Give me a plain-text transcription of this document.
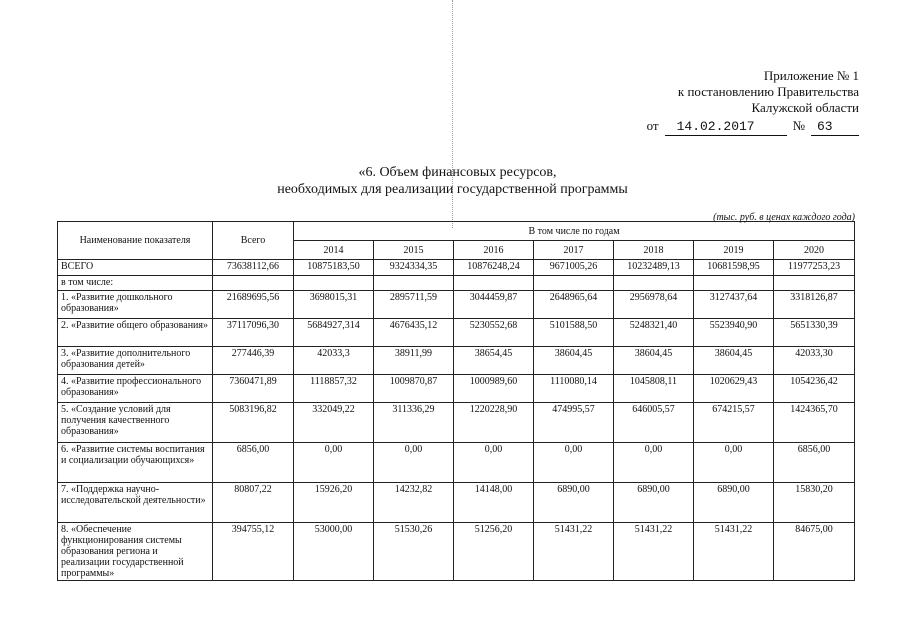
Приложение № 1
к постановлению Правительства
Калужской области
от	14.02.2017	№ 63
«6. Объем финансовых ресурсов,
необходимых для реализации государственной программы
(тыс. руб. в ценах каждого года)
Наименование показателя	Всего	В том числе по годам						
		2014	2015	2016	2017	2018	2019	2020
ВСЕГО	73638112,66	10875183,50	9324334,35	10876248,24	9671005,26	10232489,13	10681598,95	11977253,23
в том числе:								
1. «Развитие дошкольного образования»	21689695,56	3698015,31	2895711,59	3044459,87	2648965,64	2956978,64	3127437,64	3318126,87
2. «Развитие общего образования»	37117096,30	5684927,314	4676435,12	5230552,68	5101588,50	5248321,40	5523940,90	5651330,39
3. «Развитие дополнительного образования детей»	277446,39	42033,3	38911,99	38654,45	38604,45	38604,45	38604,45	42033,30
4. «Развитие профессионального образования»	7360471,89	1118857,32	1009870,87	1000989,60	1110080,14	1045808,11	1020629,43	1054236,42
5. «Создание условий для получения качественного образования»	5083196,82	332049,22	311336,29	1220228,90	474995,57	646005,57	674215,57	1424365,70
6. «Развитие системы воспитания и социализации обучающихся»	6856,00	0,00	0,00	0,00	0,00	0,00	0,00	6856,00
7. «Поддержка научно-исследовательской деятельности»	80807,22	15926,20	14232,82	14148,00	6890,00	6890,00	6890,00	15830,20
8. «Обеспечение функционирования системы образования региона и реализации государственной программы»	394755,12	53000,00	51530,26	51256,20	51431,22	51431,22	51431,22	84675,00
